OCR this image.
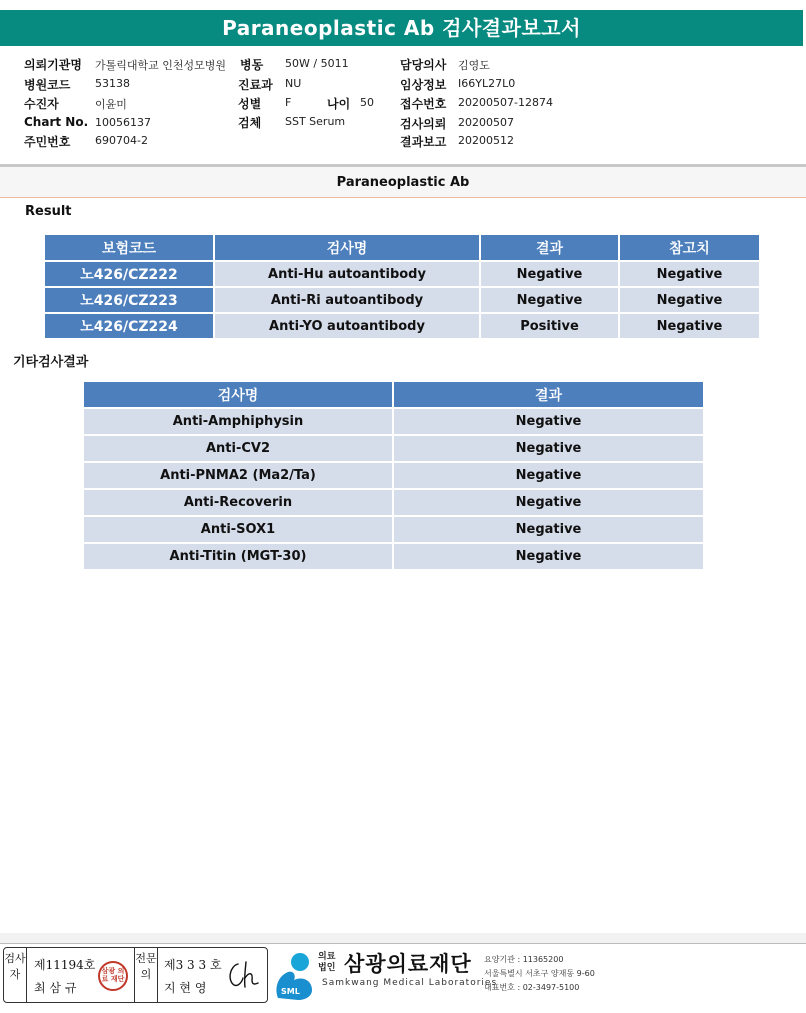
Paraneoplastic Ab 검사결과보고서
의뢰기관명 가톨릭대학교 인천성모병원 병동 50W / 5011	담당의사 김영도
병원코드 53138	진료과 NU	임상정보 I66YL27L0
수진자	이윤미	성별 F	나이 50 접수번호 20200507-12874
Chart No. 10056137	검체 SST Serum	검사의뢰 20200507
주민번호 690704-2	결과보고 20200512
Paraneoplastic Ab
Result
보험코드	검사명	결과	참고치
노426/CZ222	Anti-Hu autoantibody	Negative	Negative
노426/CZ223	Anti-Ri autoantibody	Negative	Negative
노426/CZ224	Anti-YO autoantibody	Positive	Negative
기타검사결과
검사명	결과
Anti-Amphiphysin	Negative
Anti-CV2	Negative
Anti-PNMA2 (Ma2/Ta)	Negative
Anti-Recoverin	Negative
Anti-SOX1	Negative
Anti-Titin (MGT-30)	Negative
검사자
제11194호
최 삼 규
삼광 의료 재단
전문의
제3 3 3 호
지 현 영	SML
의료
법인 삼광의료재단
Samkwang Medical Laboratories
요양기관 : 11365200
서울특별시 서초구 양재동 9-60
대표번호 : 02-3497-5100
